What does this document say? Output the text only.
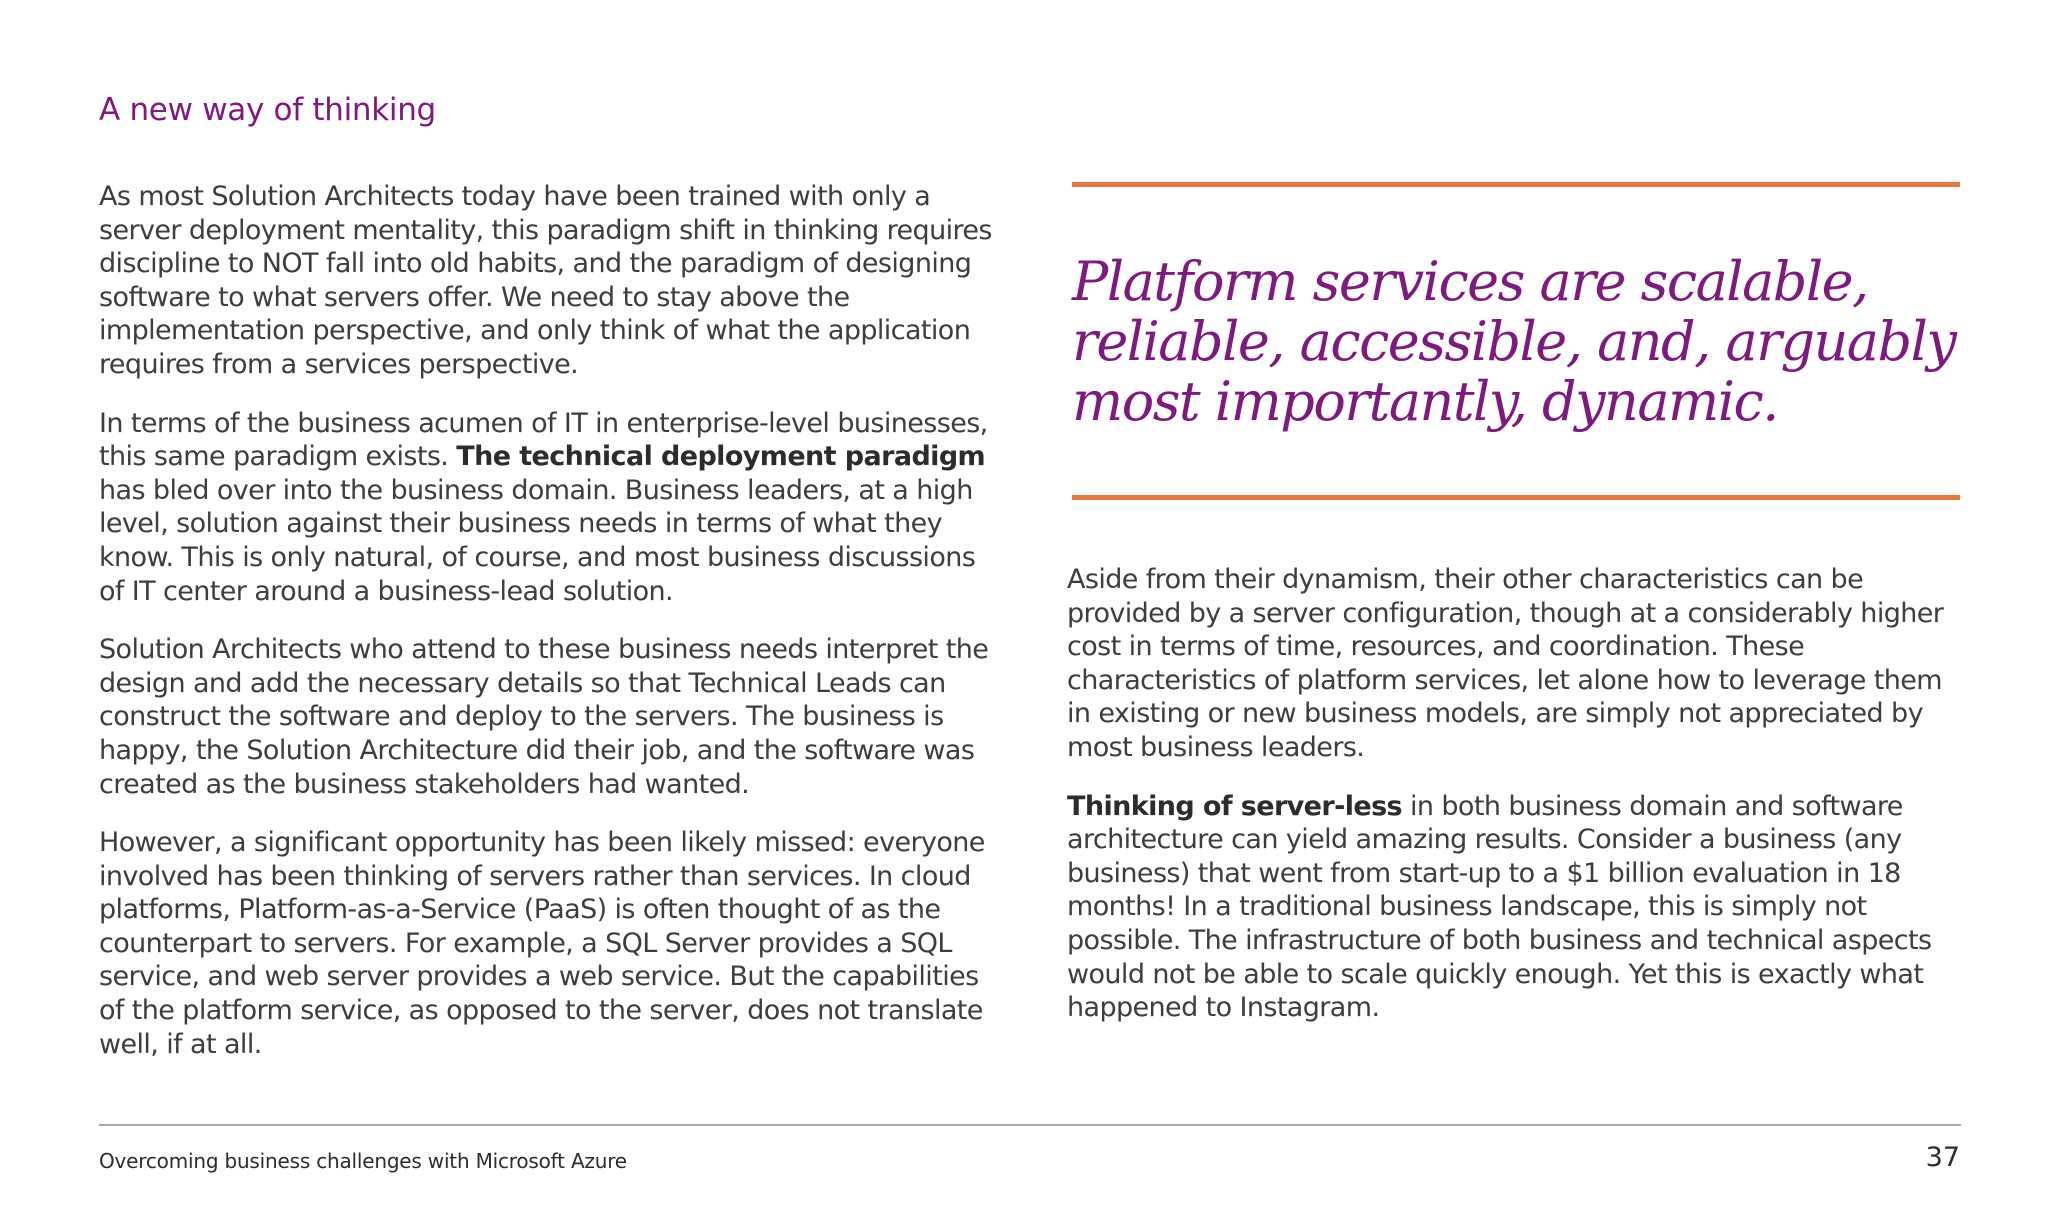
A new way of thinking

As most Solution Architects today have been trained with only a server deployment mentality, this paradigm shift in thinking requires discipline to NOT fall into old habits, and the paradigm of designing software to what servers offer. We need to stay above the implementation perspective, and only think of what the application requires from a services perspective.

In terms of the business acumen of IT in enterprise-level businesses, this same paradigm exists. The technical deployment paradigm has bled over into the business domain. Business leaders, at a high level, solution against their business needs in terms of what they know. This is only natural, of course, and most business discussions of IT center around a business-lead solution.

Solution Architects who attend to these business needs interpret the design and add the necessary details so that Technical Leads can construct the software and deploy to the servers. The business is happy, the Solution Architecture did their job, and the software was created as the business stakeholders had wanted.

However, a significant opportunity has been likely missed: everyone involved has been thinking of servers rather than services. In cloud platforms, Platform-as-a-Service (PaaS) is often thought of as the counterpart to servers. For example, a SQL Server provides a SQL service, and web server provides a web service. But the capabilities of the platform service, as opposed to the server, does not translate well, if at all.

Platform services are scalable, reliable, accessible, and, arguably most importantly, dynamic.

Aside from their dynamism, their other characteristics can be provided by a server configuration, though at a considerably higher cost in terms of time, resources, and coordination. These characteristics of platform services, let alone how to leverage them in existing or new business models, are simply not appreciated by most business leaders.

Thinking of server-less in both business domain and software architecture can yield amazing results. Consider a business (any business) that went from start-up to a $1 billion evaluation in 18 months! In a traditional business landscape, this is simply not possible. The infrastructure of both business and technical aspects would not be able to scale quickly enough. Yet this is exactly what happened to Instagram.

Overcoming business challenges with Microsoft Azure	37
